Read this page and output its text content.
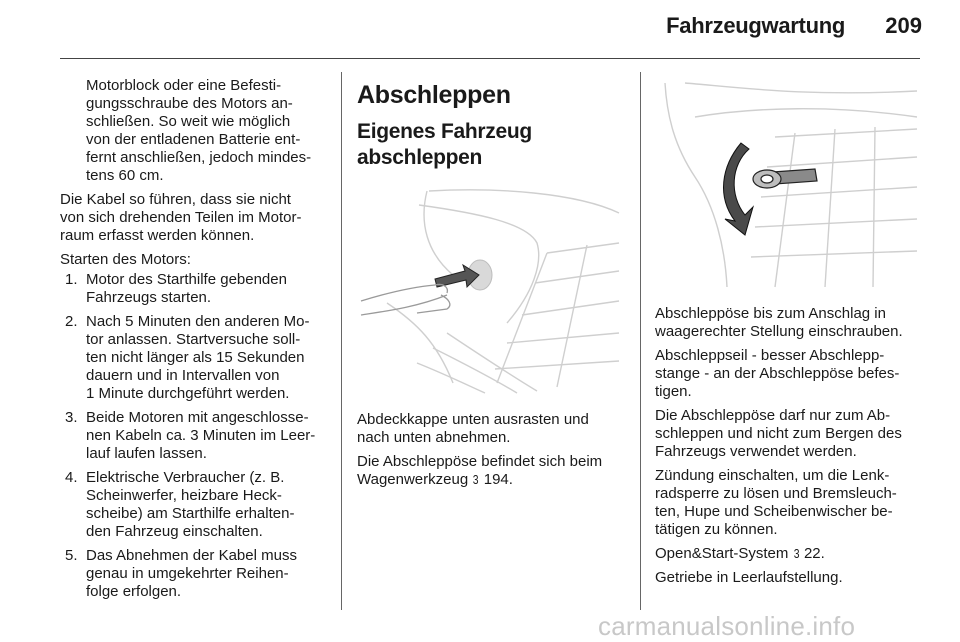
Fahrzeugwartung	209

Motorblock oder eine Befesti-
gungsschraube des Motors an-
schließen. So weit wie möglich
von der entladenen Batterie ent-
fernt anschließen, jedoch mindes-
tens 60 cm.

Die Kabel so führen, dass sie nicht
von sich drehenden Teilen im Motor-
raum erfasst werden können.

Starten des Motors:

1. Motor des Starthilfe gebenden
Fahrzeugs starten.
2. Nach 5 Minuten den anderen Mo-
tor anlassen. Startversuche soll-
ten nicht länger als 15 Sekunden
dauern und in Intervallen von
1 Minute durchgeführt werden.
3. Beide Motoren mit angeschlosse-
nen Kabeln ca. 3 Minuten im Leer-
lauf laufen lassen.
4. Elektrische Verbraucher (z. B.
Scheinwerfer, heizbare Heck-
scheibe) am Starthilfe erhalten-
den Fahrzeug einschalten.
5. Das Abnehmen der Kabel muss
genau in umgekehrter Reihen-
folge erfolgen.
Abschleppen
Eigenes Fahrzeug
abschleppen

Abdeckkappe unten ausrasten und
nach unten abnehmen.

Die Abschleppöse befindet sich beim
Wagenwerkzeug 3 194.

Abschleppöse bis zum Anschlag in
waagerechter Stellung einschrauben.

Abschleppseil - besser Abschlepp-
stange - an der Abschleppöse befes-
tigen.

Die Abschleppöse darf nur zum Ab-
schleppen und nicht zum Bergen des
Fahrzeugs verwendet werden.

Zündung einschalten, um die Lenk-
radsperre zu lösen und Bremsleuch-
ten, Hupe und Scheibenwischer be-
tätigen zu können.

Open&Start-System 3 22.

Getriebe in Leerlaufstellung.

carmanualsonline.info
